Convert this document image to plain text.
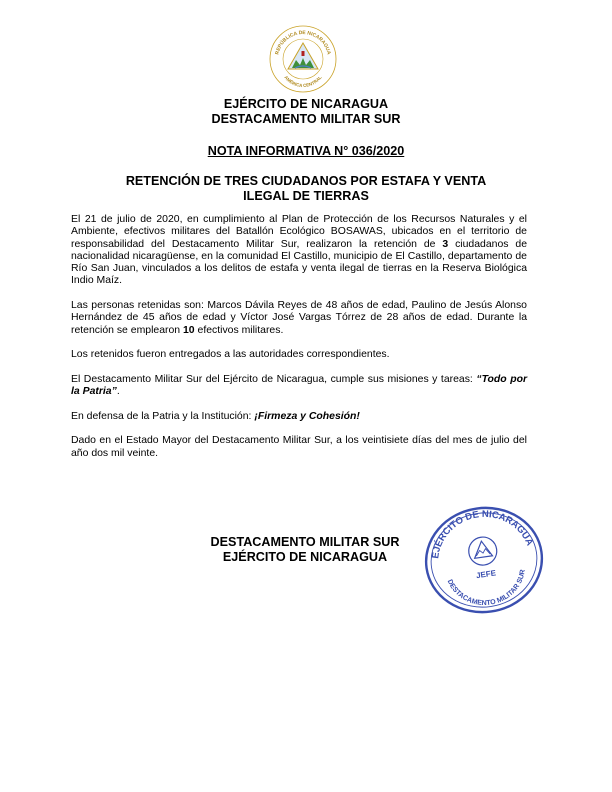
REPÚBLICA DE NICARAGUA
AMÉRICA CENTRAL
EJÉRCITO DE NICARAGUA
DESTACAMENTO MILITAR SUR
NOTA INFORMATIVA N° 036/2020
RETENCIÓN DE TRES CIUDADANOS POR ESTAFA Y VENTA
ILEGAL DE TIERRAS

El 21 de julio de 2020, en cumplimiento al Plan de Protección de los Recursos Naturales y el Ambiente, efectivos militares del Batallón Ecológico BOSAWAS, ubicados en el territorio de responsabilidad del Destacamento Militar Sur, realizaron la retención de 3 ciudadanos de nacionalidad nicaragüense, en la comunidad El Castillo, municipio de El Castillo, departamento de Río San Juan, vinculados a los delitos de estafa y venta ilegal de tierras en la Reserva Biológica Indio Maíz.

Las personas retenidas son: Marcos Dávila Reyes de 48 años de edad, Paulino de Jesús Alonso Hernández de 45 años de edad y Víctor José Vargas Tórrez de 28 años de edad. Durante la retención se emplearon 10 efectivos militares.

Los retenidos fueron entregados a las autoridades correspondientes.

El Destacamento Militar Sur del Ejército de Nicaragua, cumple sus misiones y tareas: “Todo por la Patria”.

En defensa de la Patria y la Institución: ¡Firmeza y Cohesión!

Dado en el Estado Mayor del Destacamento Militar Sur, a los veintisiete días del mes de julio del año dos mil veinte.

DESTACAMENTO MILITAR SUR
EJÉRCITO DE NICARAGUA	EJÉRCITO DE NICARAGUA
DESTACAMENTO MILITAR SUR
JEFE
